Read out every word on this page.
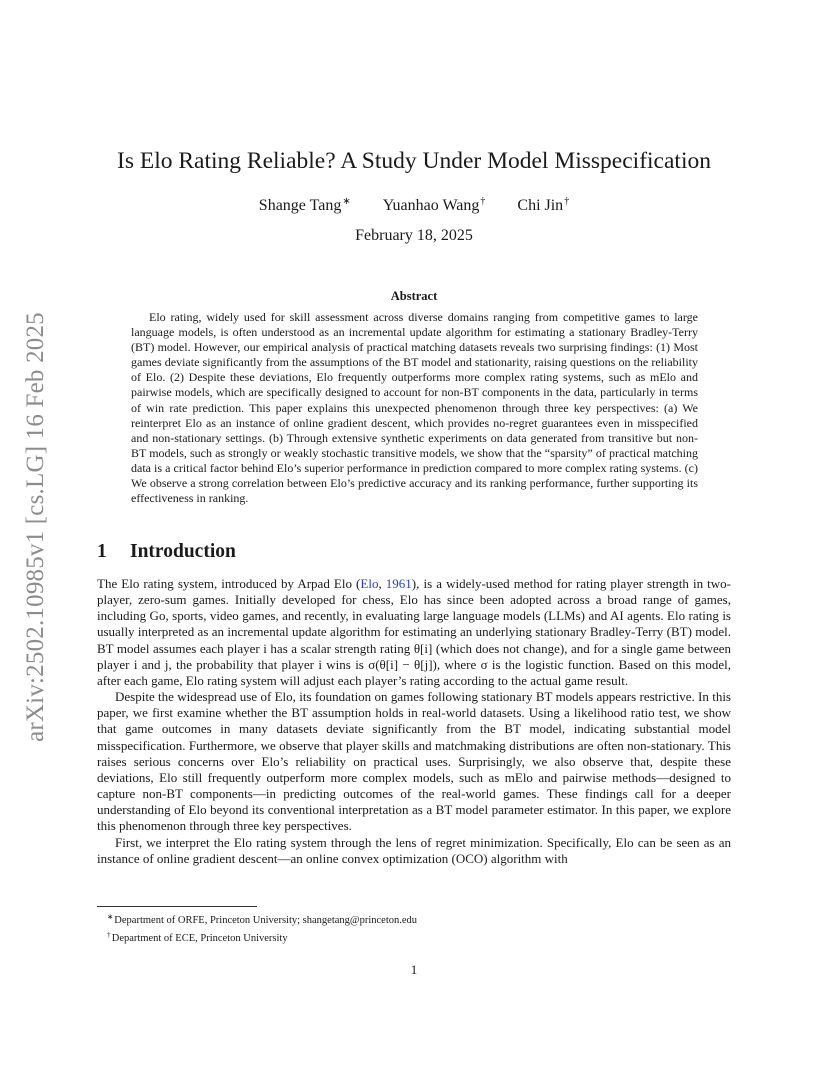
arXiv:2502.10985v1 [cs.LG] 16 Feb 2025
Is Elo Rating Reliable? A Study Under Model Misspecification
Shange Tang∗ Yuanhao Wang† Chi Jin†
February 18, 2025
Abstract

Elo rating, widely used for skill assessment across diverse domains ranging from competitive games to large language models, is often understood as an incremental update algorithm for estimating a stationary Bradley-Terry (BT) model. However, our empirical analysis of practical matching datasets reveals two surprising findings: (1) Most games deviate significantly from the assumptions of the BT model and stationarity, raising questions on the reliability of Elo. (2) Despite these deviations, Elo frequently outperforms more complex rating systems, such as mElo and pairwise models, which are specifically designed to account for non-BT components in the data, particularly in terms of win rate prediction. This paper explains this unexpected phenomenon through three key perspectives: (a) We reinterpret Elo as an instance of online gradient descent, which provides no-regret guarantees even in misspecified and non-stationary settings. (b) Through extensive synthetic experiments on data generated from transitive but non-BT models, such as strongly or weakly stochastic transitive models, we show that the “sparsity” of practical matching data is a critical factor behind Elo’s superior performance in prediction compared to more complex rating systems. (c) We observe a strong correlation between Elo’s predictive accuracy and its ranking performance, further supporting its effectiveness in ranking.

1 Introduction

The Elo rating system, introduced by Arpad Elo (Elo, 1961), is a widely-used method for rating player strength in two-player, zero-sum games. Initially developed for chess, Elo has since been adopted across a broad range of games, including Go, sports, video games, and recently, in evaluating large language models (LLMs) and AI agents. Elo rating is usually interpreted as an incremental update algorithm for estimating an underlying stationary Bradley-Terry (BT) model. BT model assumes each player i has a scalar strength rating θ[i] (which does not change), and for a single game between player i and j, the probability that player i wins is σ(θ[i] − θ[j]), where σ is the logistic function. Based on this model, after each game, Elo rating system will adjust each player’s rating according to the actual game result.

Despite the widespread use of Elo, its foundation on games following stationary BT models appears restrictive. In this paper, we first examine whether the BT assumption holds in real-world datasets. Using a likelihood ratio test, we show that game outcomes in many datasets deviate significantly from the BT model, indicating substantial model misspecification. Furthermore, we observe that player skills and matchmaking distributions are often non-stationary. This raises serious concerns over Elo’s reliability on practical uses. Surprisingly, we also observe that, despite these deviations, Elo still frequently outperform more complex models, such as mElo and pairwise methods—designed to capture non-BT components—in predicting outcomes of the real-world games. These findings call for a deeper understanding of Elo beyond its conventional interpretation as a BT model parameter estimator. In this paper, we explore this phenomenon through three key perspectives.

First, we interpret the Elo rating system through the lens of regret minimization. Specifically, Elo can be seen as an instance of online gradient descent—an online convex optimization (OCO) algorithm with

∗Department of ORFE, Princeton University; shangetang@princeton.edu
†Department of ECE, Princeton University
1
